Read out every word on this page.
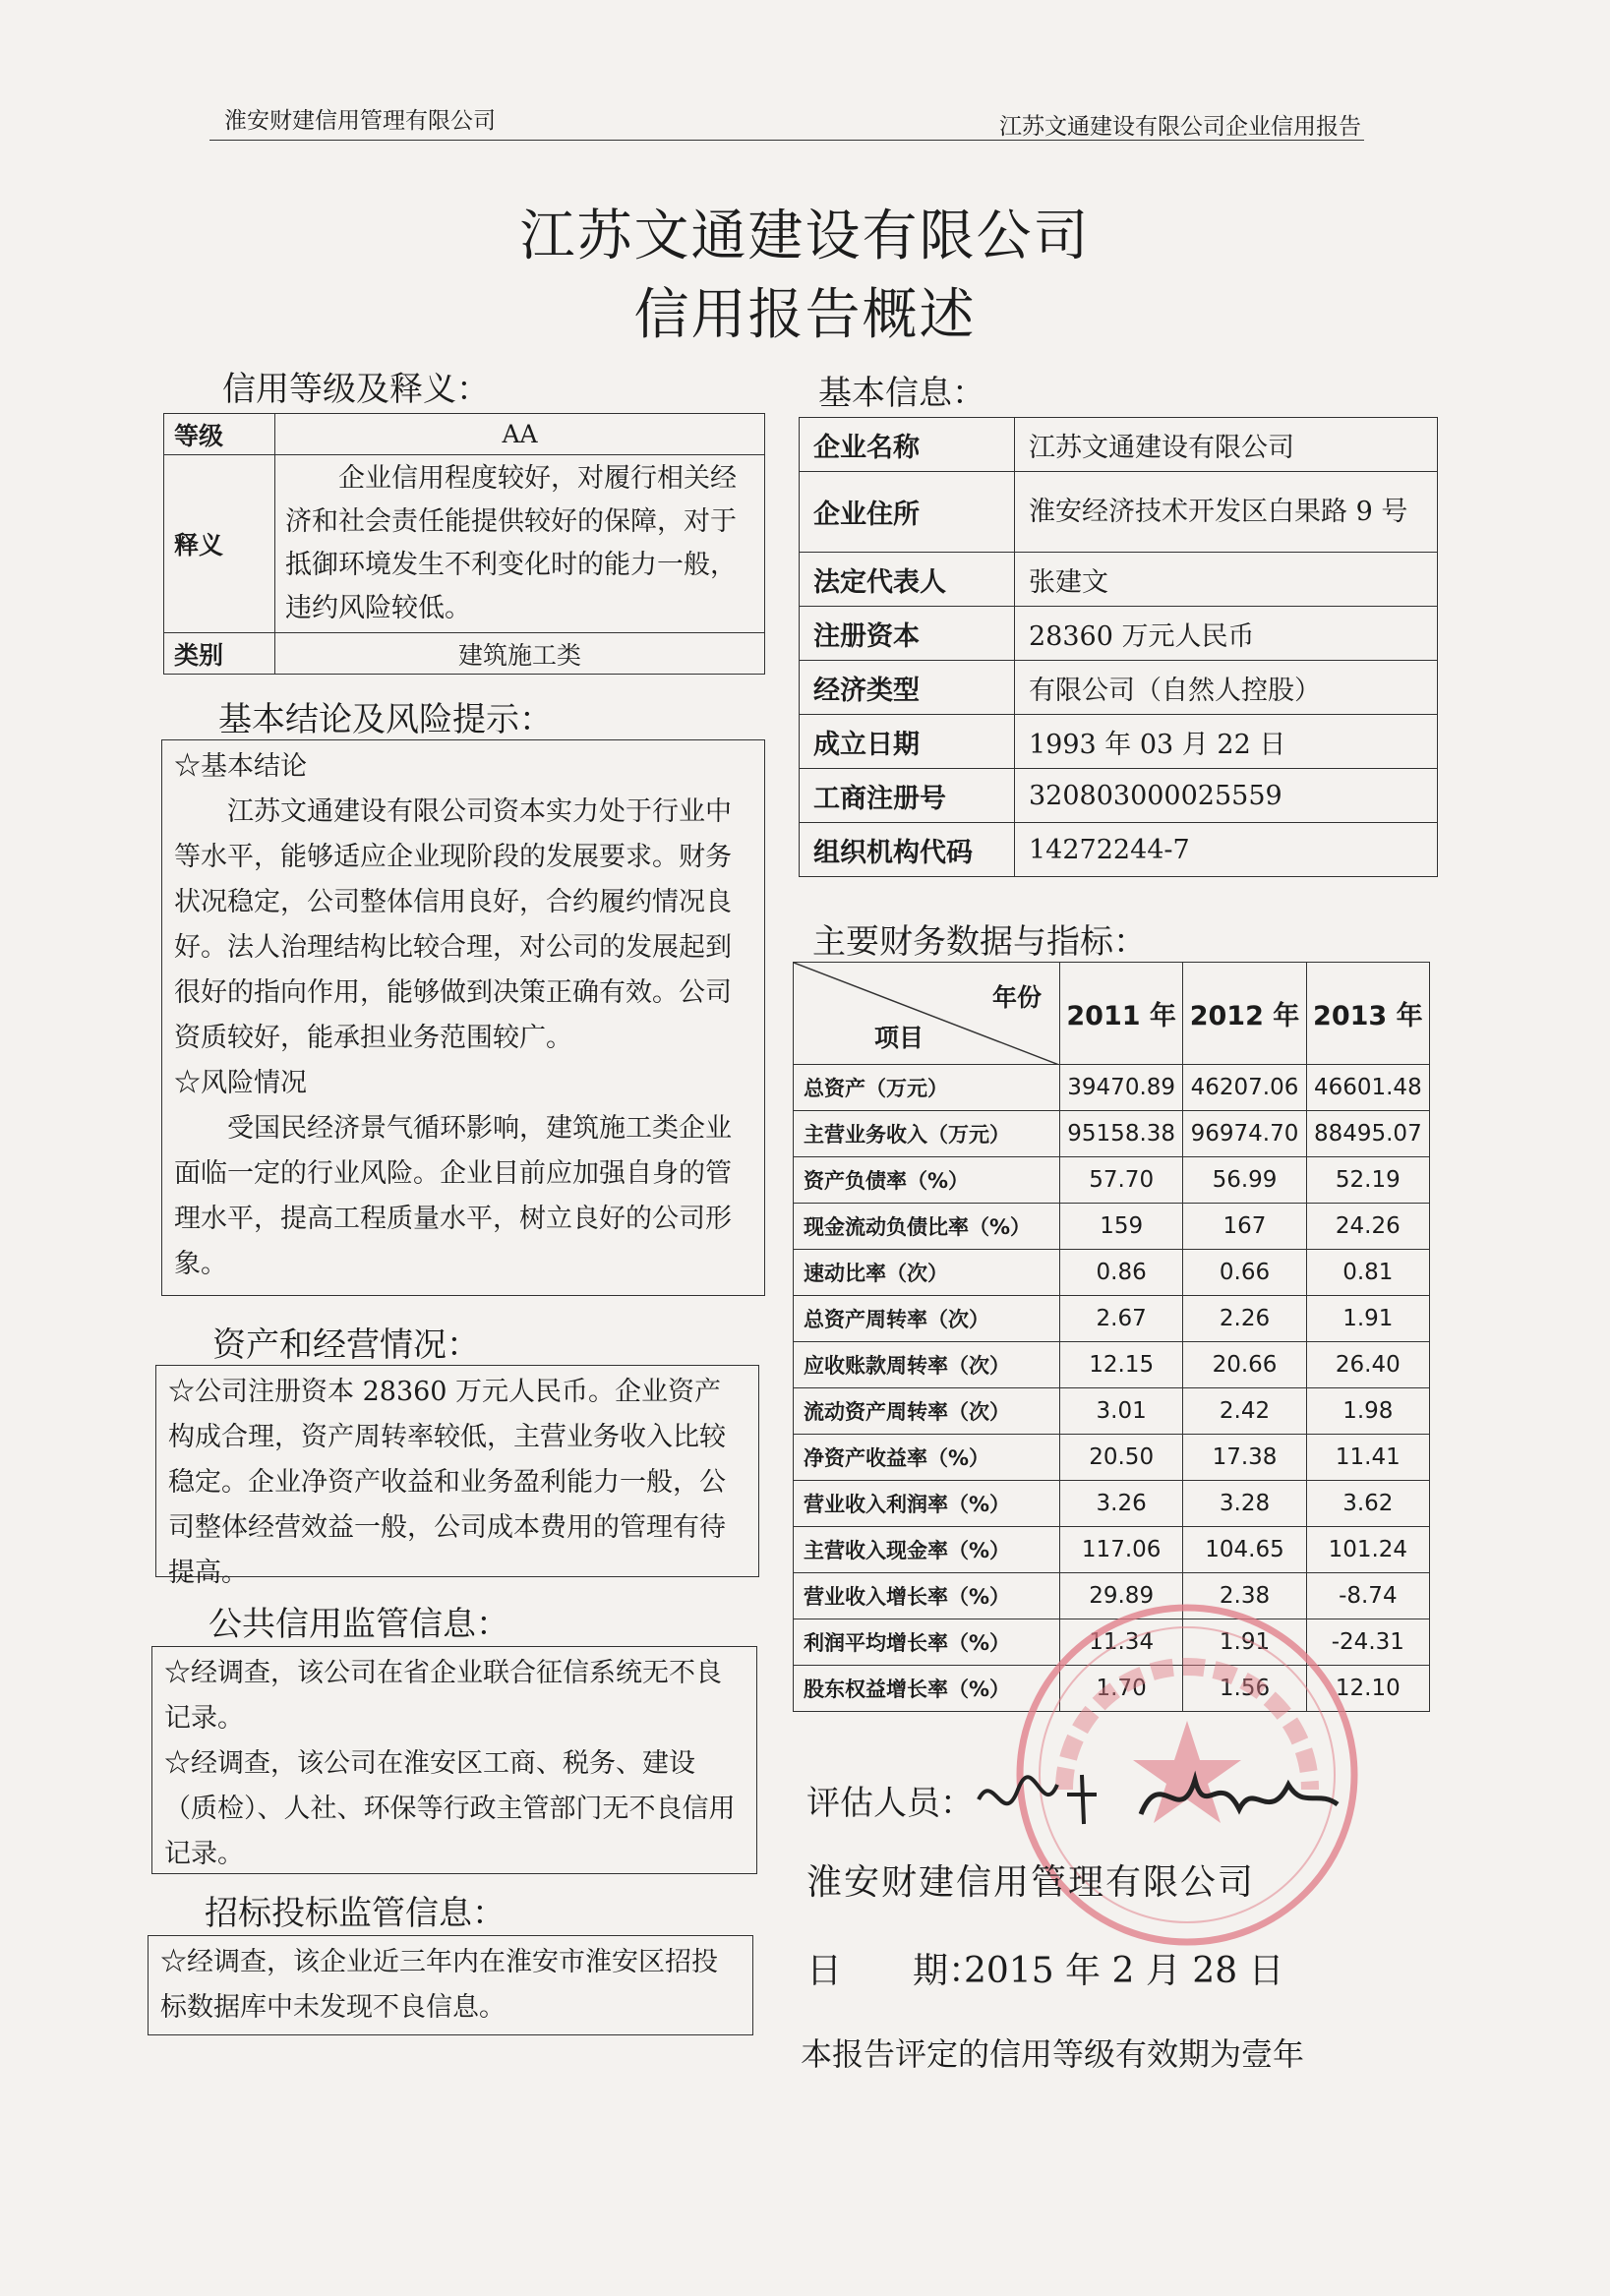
淮安财建信用管理有限公司	江苏文通建设有限公司企业信用报告
江苏文通建设有限公司
信用报告概述
信用等级及释义：
等级	AA
释义	企业信用程度较好，对履行相关经济和社会责任能提供较好的保障，对于抵御环境发生不利变化时的能力一般，违约风险较低。
类别	建筑施工类
基本结论及风险提示：

☆基本结论

江苏文通建设有限公司资本实力处于行业中等水平，能够适应企业现阶段的发展要求。财务状况稳定，公司整体信用良好，合约履约情况良好。法人治理结构比较合理，对公司的发展起到很好的指向作用，能够做到决策正确有效。公司资质较好，能承担业务范围较广。

☆风险情况

受国民经济景气循环影响，建筑施工类企业面临一定的行业风险。企业目前应加强自身的管理水平，提高工程质量水平，树立良好的公司形象。

资产和经营情况：

☆公司注册资本 28360 万元人民币。企业资产构成合理，资产周转率较低，主营业务收入比较稳定。企业净资产收益和业务盈利能力一般，公司整体经营效益一般，公司成本费用的管理有待提高。

公共信用监管信息：

☆经调查，该公司在省企业联合征信系统无不良记录。

☆经调查，该公司在淮安区工商、税务、建设（质检）、人社、环保等行政主管部门无不良信用记录。

招标投标监管信息：

☆经调查，该企业近三年内在淮安市淮安区招投标数据库中未发现不良信息。

基本信息：
企业名称	江苏文通建设有限公司
企业住所	淮安经济技术开发区白果路 9 号
法定代表人	张建文
注册资本	28360 万元人民币
经济类型	有限公司（自然人控股）
成立日期	1993 年 03 月 22 日
工商注册号	320803000025559
组织机构代码	14272244-7
主要财务数据与指标：
年份
项目	2011 年	2012 年	2013 年
总资产（万元）	39470.89	46207.06	46601.48
主营业务收入（万元）	95158.38	96974.70	88495.07
资产负债率（%）	57.70	56.99	52.19
现金流动负债比率（%）	159	167	24.26
速动比率（次）	0.86	0.66	0.81
总资产周转率（次）	2.67	2.26	1.91
应收账款周转率（次）	12.15	20.66	26.40
流动资产周转率（次）	3.01	2.42	1.98
净资产收益率（%）	20.50	17.38	11.41
营业收入利润率（%）	3.26	3.28	3.62
主营收入现金率（%）	117.06	104.65	101.24
营业收入增长率（%）	29.89	2.38	-8.74
利润平均增长率（%）	11.34	1.91	-24.31
股东权益增长率（%）	1.70	1.56	12.10
评估人员：
淮安财建信用管理有限公司
日　　期：
2015 年 2 月 28 日
本报告评定的信用等级有效期为壹年
